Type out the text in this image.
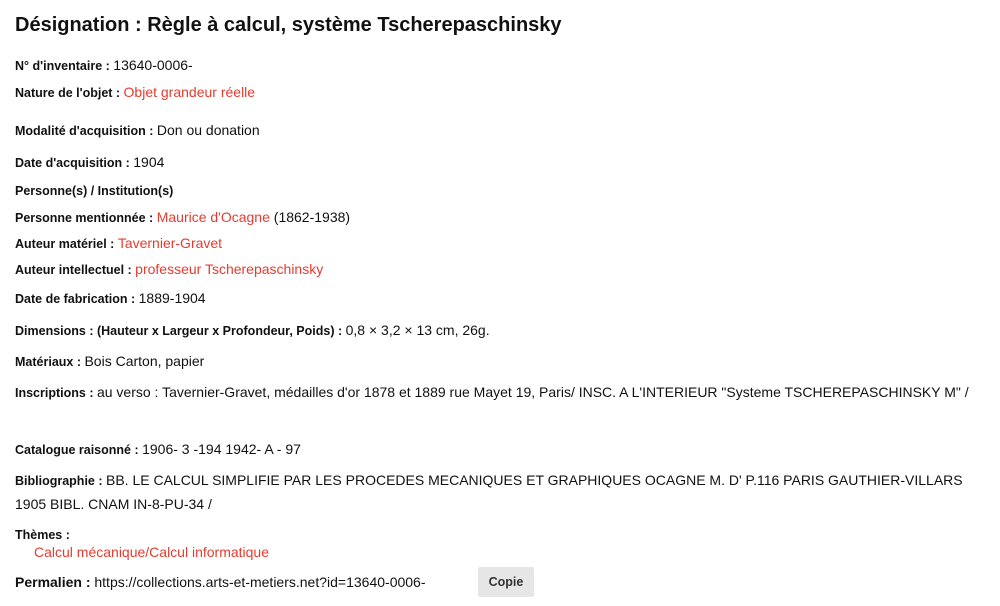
Désignation : Règle à calcul, système Tscherepaschinsky
N° d'inventaire : 13640-0006-
Nature de l'objet : Objet grandeur réelle
Modalité d'acquisition : Don ou donation
Date d'acquisition : 1904
Personne(s) / Institution(s)
Personne mentionnée : Maurice d'Ocagne (1862-1938)
Auteur matériel : Tavernier-Gravet
Auteur intellectuel : professeur Tscherepaschinsky
Date de fabrication : 1889-1904
Dimensions : (Hauteur x Largeur x Profondeur, Poids) : 0,8 × 3,2 × 13 cm, 26g.
Matériaux : Bois Carton, papier
Inscriptions : au verso : Tavernier-Gravet, médailles d'or 1878 et 1889 rue Mayet 19, Paris/ INSC. A L'INTERIEUR "Systeme TSCHEREPASCHINSKY M" /
Catalogue raisonné : 1906- 3 -194 1942- A - 97
Bibliographie : BB. LE CALCUL SIMPLIFIE PAR LES PROCEDES MECANIQUES ET GRAPHIQUES OCAGNE M. D' P.116 PARIS GAUTHIER-VILLARS 1905 BIBL. CNAM IN-8-PU-34 /
Thèmes :
Calcul mécanique/Calcul informatique
Permalien : https://collections.arts-et-metiers.net?id=13640-0006-	Copie
